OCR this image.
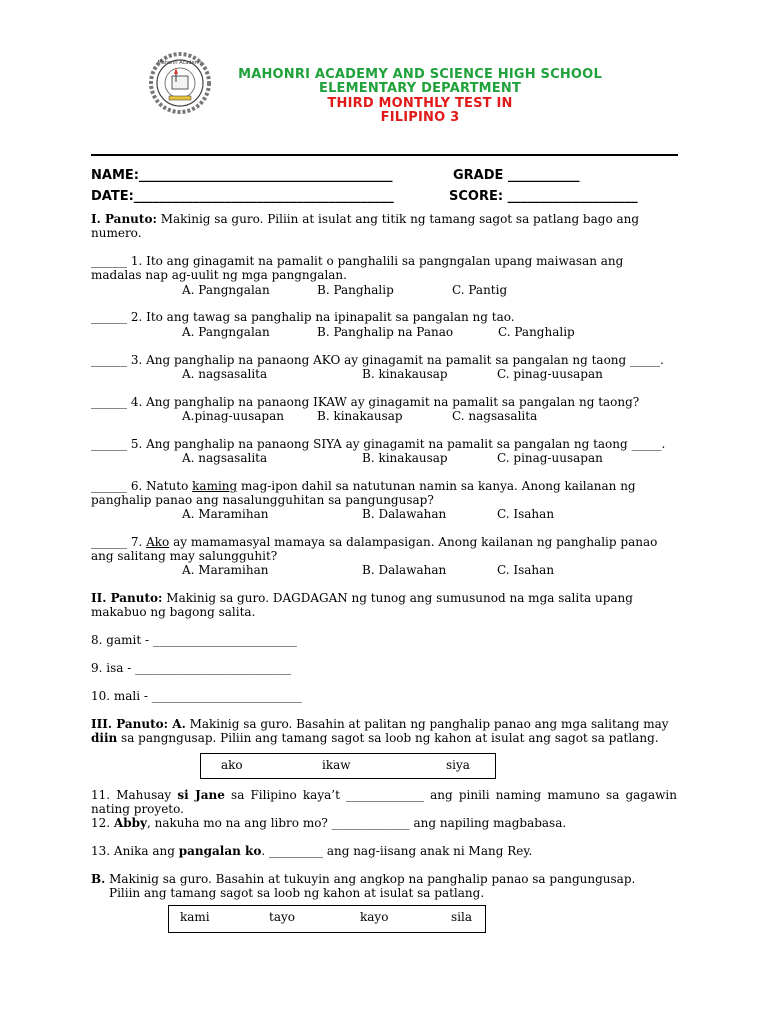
Mahonri Academy
MAHONRI ACADEMY AND SCIENCE HIGH SCHOOL
ELEMENTARY DEPARTMENT
THIRD MONTHLY TEST IN
FILIPINO 3
NAME:_______________________________________	GRADE ___________
DATE:________________________________________	SCORE: ____________________
I. Panuto: Makinig sa guro. Piliin at isulat ang titik ng tamang sagot sa patlang bago ang numero.
______ 1. Ito ang ginagamit na pamalit o panghalili sa pangngalan upang maiwasan ang madalas nap ag-uulit ng mga pangngalan.
A. Pangngalan	B. Panghalip	C. Pantig
______ 2. Ito ang tawag sa panghalip na ipinapalit sa pangalan ng tao.
A. Pangngalan	B. Panghalip na Panao	C. Panghalip
______ 3. Ang panghalip na panaong AKO ay ginagamit na pamalit sa pangalan ng taong _____.
A. nagsasalita	B. kinakausap	C. pinag-uusapan
______ 4. Ang panghalip na panaong IKAW ay ginagamit na pamalit sa pangalan ng taong?
A.pinag-uusapan	B. kinakausap	C. nagsasalita
______ 5. Ang panghalip na panaong SIYA ay ginagamit na pamalit sa pangalan ng taong _____.
A. nagsasalita	B. kinakausap	C. pinag-uusapan
______ 6. Natuto kaming mag-ipon dahil sa natutunan namin sa kanya. Anong kailanan ng panghalip panao ang nasalungguhitan sa pangungusap?
A. Maramihan	B. Dalawahan	C. Isahan
______ 7. Ako ay mamamasyal mamaya sa dalampasigan. Anong kailanan ng panghalip panao ang salitang may salungguhit?
A. Maramihan	B. Dalawahan	C. Isahan
II. Panuto: Makinig sa guro. DAGDAGAN ng tunog ang sumusunod na mga salita upang makabuo ng bagong salita.
8. gamit - ________________________
9. isa - __________________________
10. mali - _________________________
III. Panuto: A. Makinig sa guro. Basahin at palitan ng panghalip panao ang mga salitang may diin sa pangngusap. Piliin ang tamang sagot sa loob ng kahon at isulat ang sagot sa patlang.
ako	ikaw	siya
11. Mahusay si Jane sa Filipino kaya’t _____________ ang pinili naming mamuno sa gagawin nating proyeto.
12. Abby, nakuha mo na ang libro mo? _____________ ang napiling magbabasa.
13. Anika ang pangalan ko. _________ ang nag-iisang anak ni Mang Rey.
B. Makinig sa guro. Basahin at tukuyin ang angkop na panghalip panao sa pangungusap.
Piliin ang tamang sagot sa loob ng kahon at isulat sa patlang.
kami	tayo	kayo	sila
